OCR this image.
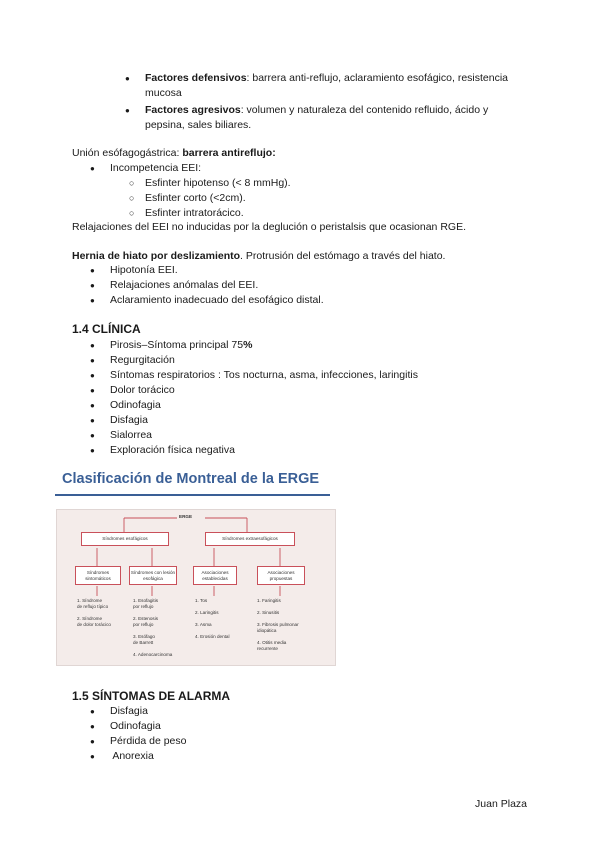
● Factores defensivos: barrera anti-reflujo, aclaramiento esofágico, resistencia mucosa
● Factores agresivos: volumen y naturaleza del contenido refluido, ácido y pepsina, sales biliares.
Unión esófagogástrica: barrera antireflujo:
● Incompetencia EEI:
○ Esfinter hipotenso (< 8 mmHg).
○ Esfinter corto (<2cm).
○ Esfinter intratorácico.
Relajaciones del EEI no inducidas por la deglución o peristalsis que ocasionan RGE.
Hernia de hiato por deslizamiento. Protrusión del estómago a través del hiato.
● Hipotonía EEI.
● Relajaciones anómalas del EEI.
● Aclaramiento inadecuado del esofágico distal.
1.4 CLÍNICA
● Pirosis–Síntoma principal 75%
● Regurgitación
● Síntomas respiratorios : Tos nocturna, asma, infecciones, laringitis
● Dolor torácico
● Odinofagia
● Disfagia
● Sialorrea
● Exploración física negativa
Clasificación de Montreal de la ERGE
ERGE
Síndromes esofágicos	Síndromes extraesofágicos
Síndromes sintomáticos
Síndromes con lesión esofágica
Asociaciones establecidas
Asociaciones propuestas
1. Síndrome
de reflujo típico

2. Síndrome
de dolor torácico
1. Esofagitis
por reflujo

2. Estenosis
por reflujo

3. Esófago
de Barrett

4. Adenocarcinoma
1. Tos

2. Laringitis

3. Asma

4. Erosión dental
1. Faringitis

2. Sinusitis

3. Fibrosis pulmonar
idiopática

4. Otitis media
recurrente
1.5 SÍNTOMAS DE ALARMA
● Disfagia
● Odinofagia
● Pérdida de peso
●  Anorexia
Juan Plaza
